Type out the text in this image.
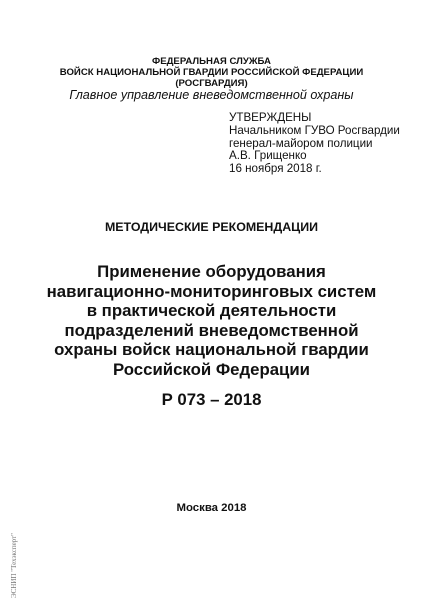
ФЕДЕРАЛЬНАЯ СЛУЖБА
ВОЙСК НАЦИОНАЛЬНОЙ ГВАРДИИ РОССИЙСКОЙ ФЕДЕРАЦИИ
(РОСГВАРДИЯ)
Главное управление вневедомственной охраны
УТВЕРЖДЕНЫ
Начальником ГУВО Росгвардии
генерал-майором полиции
А.В. Грищенко
16 ноября 2018 г.
МЕТОДИЧЕСКИЕ РЕКОМЕНДАЦИИ
Применение оборудования
навигационно-мониторинговых систем
в практической деятельности
подразделений вневедомственной
охраны войск национальной гвардии
Российской Федерации
Р 073 – 2018
Москва 2018
ЭСНИП "Техэксперт"
